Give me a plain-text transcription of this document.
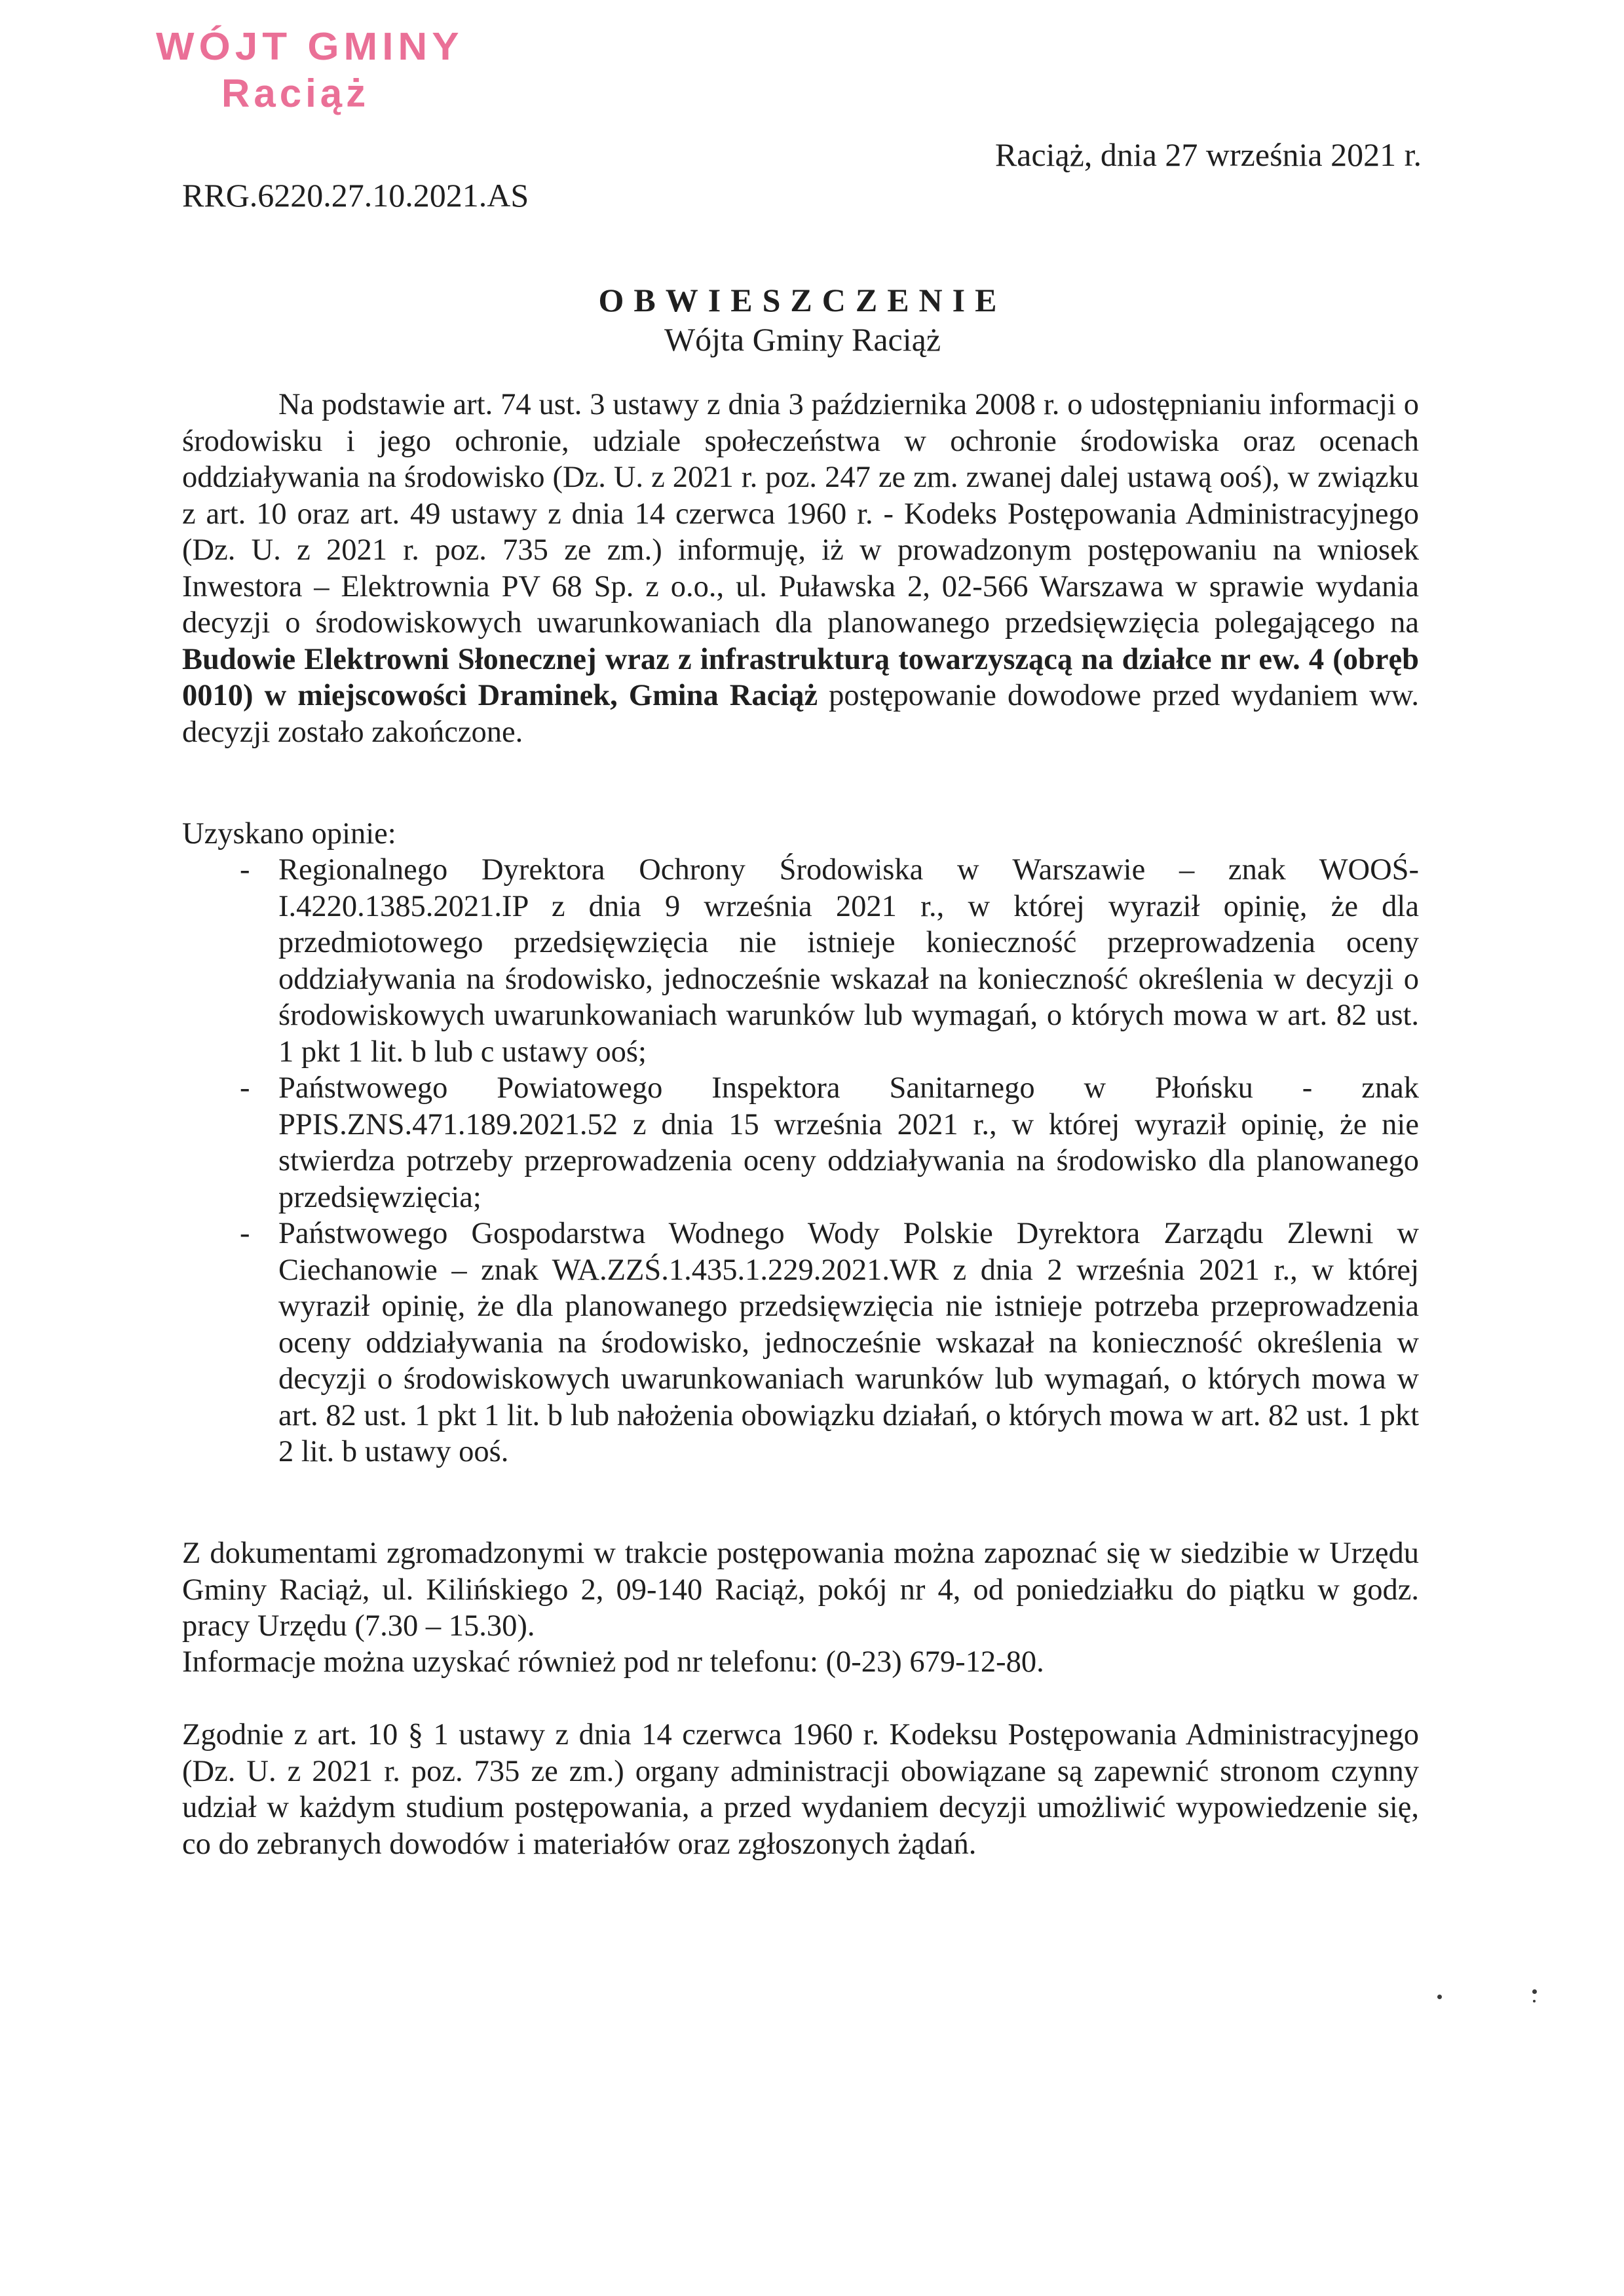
WÓJT GMINY
Raciąż
Raciąż, dnia 27 września 2021 r.
RRG.6220.27.10.2021.AS
OBWIESZCZENIE
Wójta Gminy Raciąż
Na podstawie art. 74 ust. 3 ustawy z dnia 3 października 2008 r. o udostępnianiu informacji o środowisku i jego ochronie, udziale społeczeństwa w ochronie środowiska oraz ocenach oddziaływania na środowisko (Dz. U. z 2021 r. poz. 247 ze zm. zwanej dalej ustawą ooś), w związku z art. 10 oraz art. 49 ustawy z dnia 14 czerwca 1960 r. - Kodeks Postępowania Administracyjnego (Dz. U. z 2021 r. poz. 735 ze zm.) informuję, iż w prowadzonym postępowaniu na wniosek Inwestora – Elektrownia PV 68 Sp. z o.o., ul. Puławska 2, 02-566 Warszawa w sprawie wydania decyzji o środowiskowych uwarunkowaniach dla planowanego przedsięwzięcia polegającego na Budowie Elektrowni Słonecznej wraz z infrastrukturą towarzyszącą na działce nr ew. 4 (obręb 0010) w miejscowości Draminek, Gmina Raciąż postępowanie dowodowe przed wydaniem ww. decyzji zostało zakończone.
Uzyskano opinie:
- Regionalnego Dyrektora Ochrony Środowiska w Warszawie – znak WOOŚ-I.4220.1385.2021.IP z dnia 9 września 2021 r., w której wyraził opinię, że dla przedmiotowego przedsięwzięcia nie istnieje konieczność przeprowadzenia oceny oddziaływania na środowisko, jednocześnie wskazał na konieczność określenia w decyzji o środowiskowych uwarunkowaniach warunków lub wymagań, o których mowa w art. 82 ust. 1 pkt 1 lit. b lub c ustawy ooś;
- Państwowego Powiatowego Inspektora Sanitarnego w Płońsku - znak PPIS.ZNS.471.189.2021.52 z dnia 15 września 2021 r., w której wyraził opinię, że nie stwierdza potrzeby przeprowadzenia oceny oddziaływania na środowisko dla planowanego przedsięwzięcia;
- Państwowego Gospodarstwa Wodnego Wody Polskie Dyrektora Zarządu Zlewni w Ciechanowie – znak WA.ZZŚ.1.435.1.229.2021.WR z dnia 2 września 2021 r., w której wyraził opinię, że dla planowanego przedsięwzięcia nie istnieje potrzeba przeprowadzenia oceny oddziaływania na środowisko, jednocześnie wskazał na konieczność określenia w decyzji o środowiskowych uwarunkowaniach warunków lub wymagań, o których mowa w art. 82 ust. 1 pkt 1 lit. b lub nałożenia obowiązku działań, o których mowa w art. 82 ust. 1 pkt 2 lit. b ustawy ooś.
Z dokumentami zgromadzonymi w trakcie postępowania można zapoznać się w siedzibie w Urzędu Gminy Raciąż, ul. Kilińskiego 2, 09-140 Raciąż, pokój nr 4, od poniedziałku do piątku w godz. pracy Urzędu (7.30 – 15.30).
Informacje można uzyskać również pod nr telefonu: (0-23) 679-12-80.
Zgodnie z art. 10 § 1 ustawy z dnia 14 czerwca 1960 r. Kodeksu Postępowania Administracyjnego (Dz. U. z 2021 r. poz. 735 ze zm.) organy administracji obowiązane są zapewnić stronom czynny udział w każdym studium postępowania, a przed wydaniem decyzji umożliwić wypowiedzenie się, co do zebranych dowodów i materiałów oraz zgłoszonych żądań.
